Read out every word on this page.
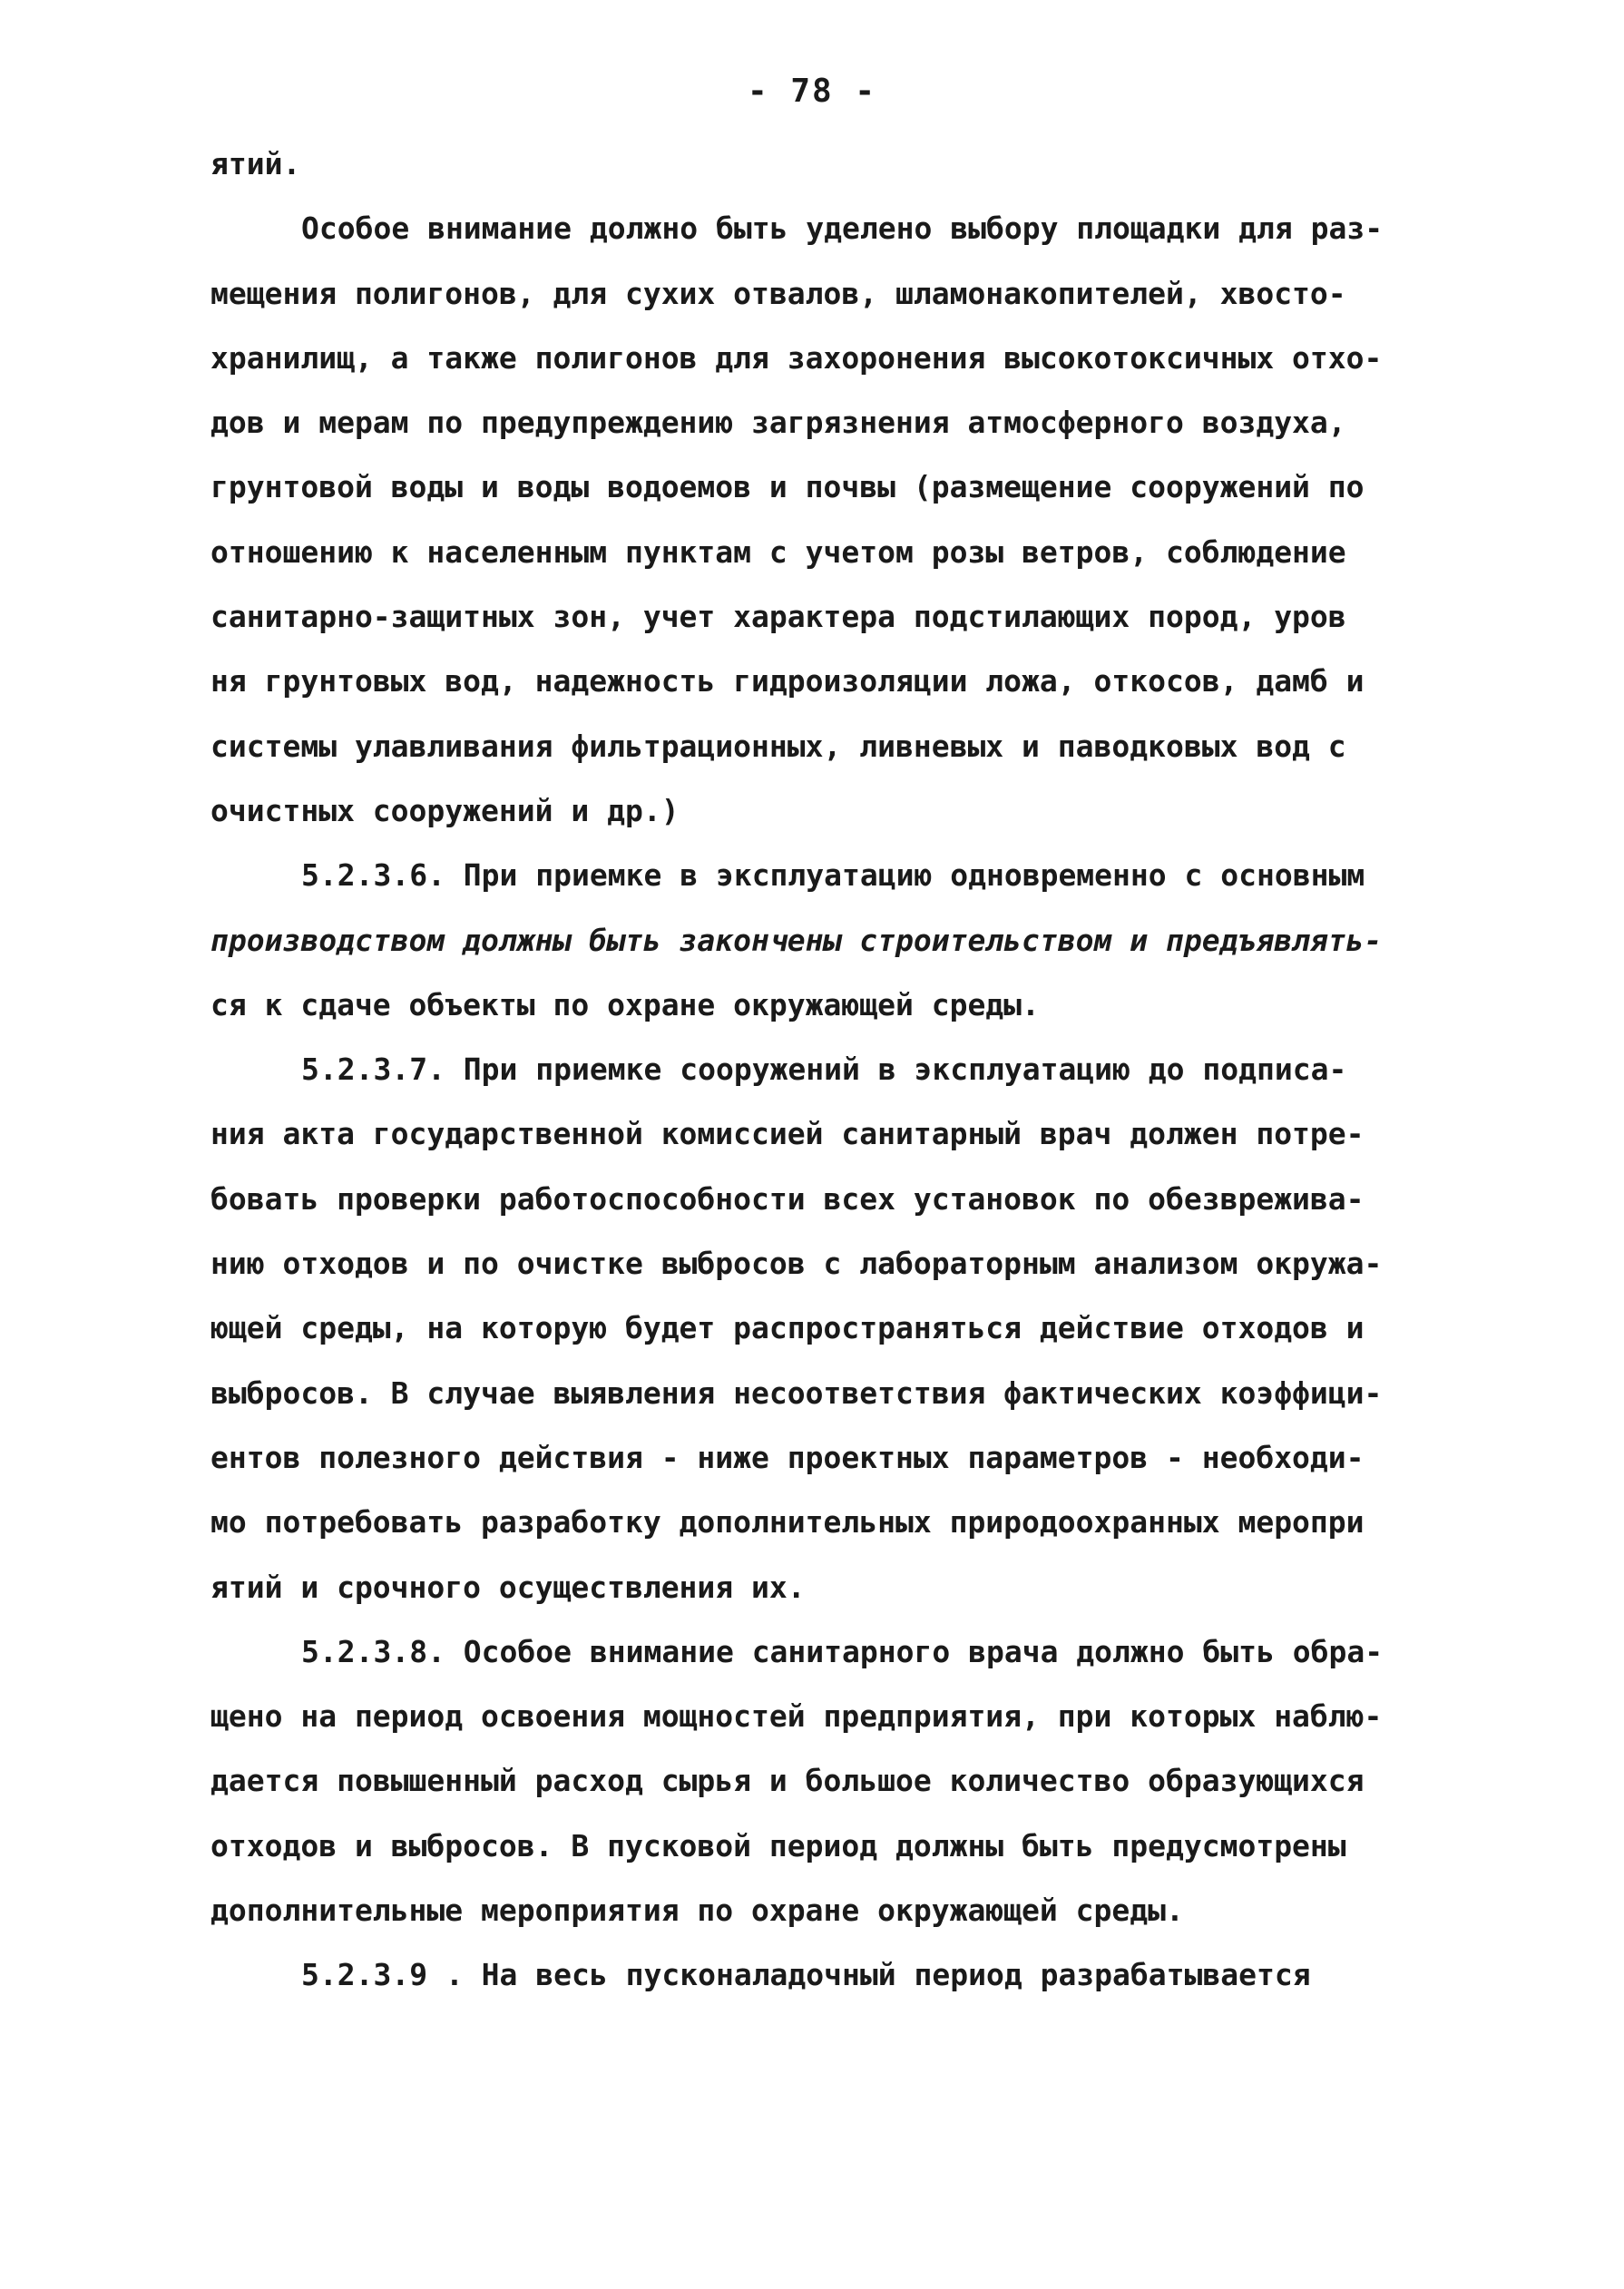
- 78 -
ятий.
Особое внимание должно быть уделено выбору площадки для раз-
мещения полигонов, для сухих отвалов, шламонакопителей, хвосто-
хранилищ, а также полигонов для захоронения высокотоксичных отхо-
дов и мерам по предупреждению загрязнения атмосферного воздуха,
грунтовой воды и воды водоемов и почвы (размещение сооружений по
отношению к населенным пунктам с учетом розы ветров, соблюдение
санитарно-защитных зон, учет характера подстилающих пород, уров
ня грунтовых вод, надежность гидроизоляции ложа, откосов, дамб и
системы улавливания фильтрационных, ливневых и паводковых вод с
очистных сооружений и др.)
5.2.3.6. При приемке в эксплуатацию одновременно с основным
производством должны быть закончены строительством и предъявлять-
ся к сдаче объекты по охране окружающей среды.
5.2.3.7. При приемке сооружений в эксплуатацию до подписа-
ния акта государственной комиссией санитарный врач должен потре-
бовать проверки работоспособности всех установок по обезврежива-
нию отходов и по очистке выбросов с лабораторным анализом окружа-
ющей среды, на которую будет распространяться действие отходов и
выбросов. В случае выявления несоответствия фактических коэффици-
ентов полезного действия - ниже проектных параметров - необходи-
мо потребовать разработку дополнительных природоохранных меропри
ятий и срочного осуществления их.
5.2.3.8. Особое внимание санитарного врача должно быть обра-
щено на период освоения мощностей предприятия, при которых наблю-
дается повышенный расход сырья и большое количество образующихся
отходов и выбросов. В пусковой период должны быть предусмотрены
дополнительные мероприятия по охране окружающей среды.
5.2.3.9 . На весь пусконаладочный период разрабатывается
